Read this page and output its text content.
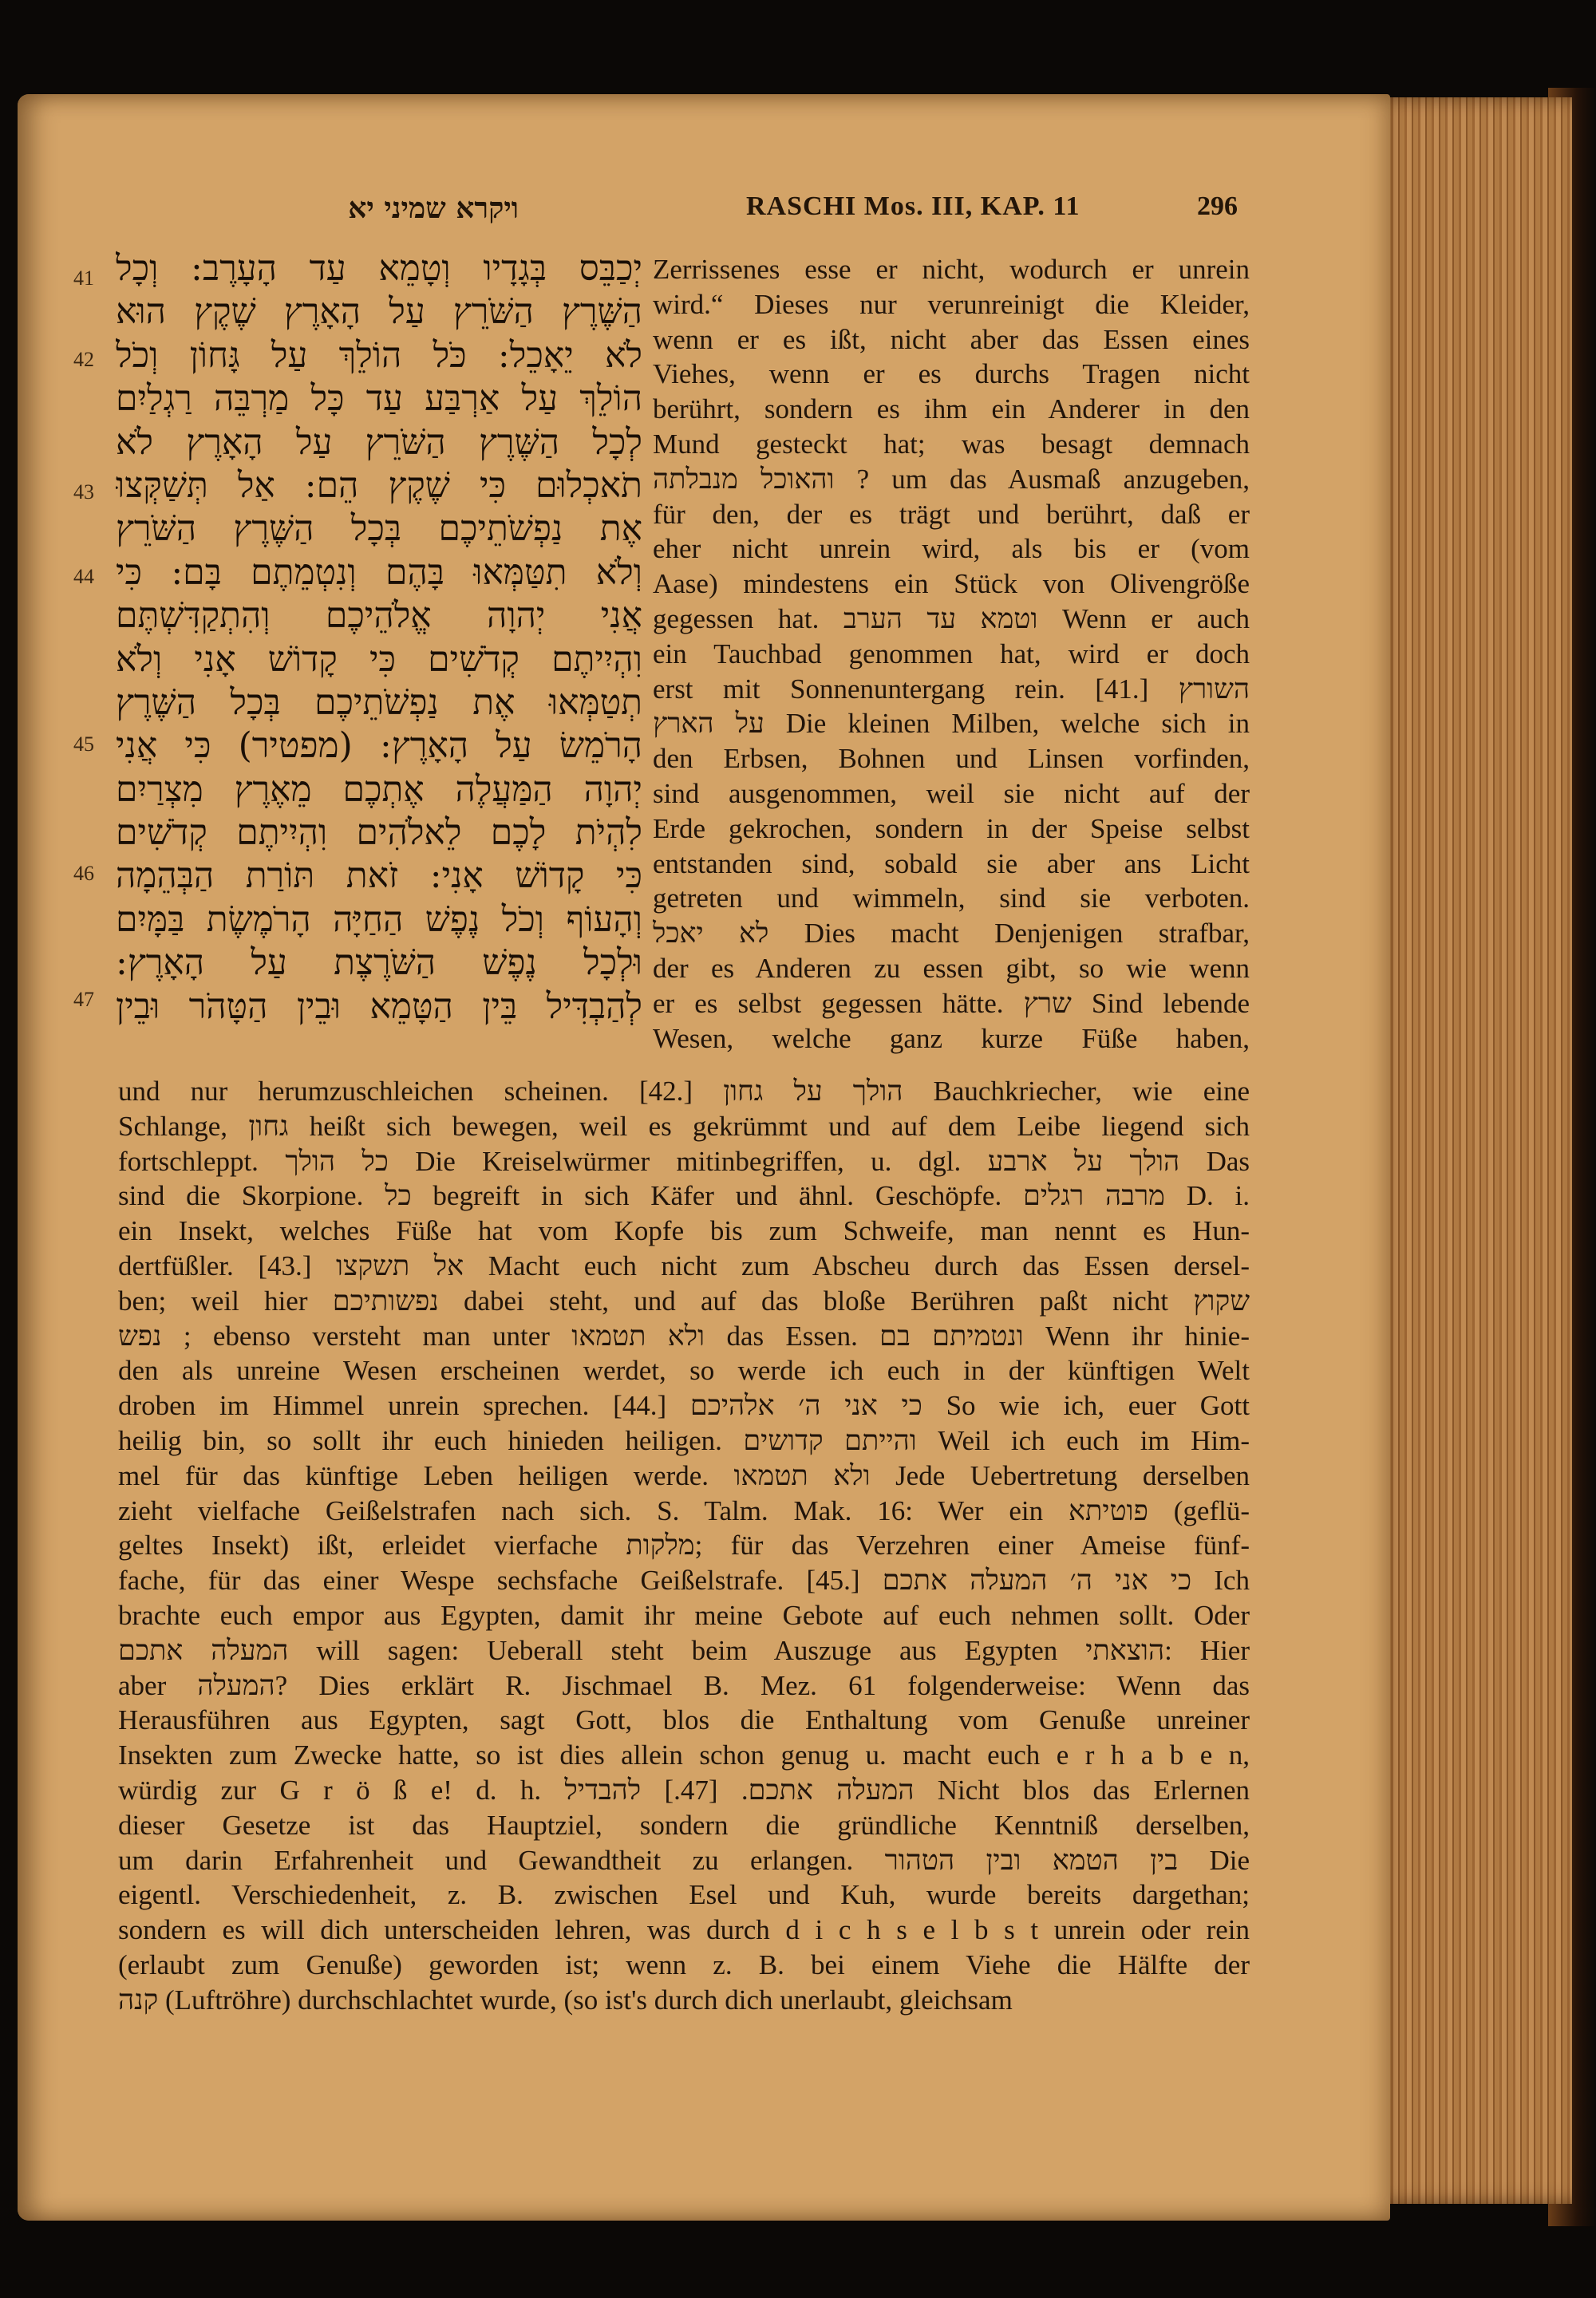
ויקרא שמיני יא	RASCHI Mos. III, KAP. 11	296
41
42
43
44
45
46
47
יְכַבֵּס בְּגָדָיו וְטָמֵא עַד הָעָרֶב: וְכָל
הַשֶּׁרֶץ הַשֹּׁרֵץ עַל הָאָרֶץ שֶׁקֶץ הוּא
לֹא יֵאָכֵל: כֹּל הוֹלֵךְ עַל גָּחוֹן וְכֹל
הוֹלֵךְ עַל אַרְבַּע עַד כָּל מַרְבֵּה רַגְלַיִם
לְכָל הַשֶּׁרֶץ הַשֹּׁרֵץ עַל הָאָרֶץ לֹא
תֹאכְלוּם כִּי שֶׁקֶץ הֵם: אַל תְּשַׁקְּצוּ
אֶת נַפְשֹׁתֵיכֶם בְּכָל הַשֶּׁרֶץ הַשֹּׁרֵץ
וְלֹא תִטַּמְּאוּ בָּהֶם וְנִטְמֵתֶם בָּם: כִּי
אֲנִי יְהוָה אֱלֹהֵיכֶם וְהִתְקַדִּשְׁתֶּם
וִהְיִיתֶם קְדֹשִׁים כִּי קָדוֹשׁ אָנִי וְלֹא
תְטַמְּאוּ אֶת נַפְשֹׁתֵיכֶם בְּכָל הַשֶּׁרֶץ
הָרֹמֵשׂ עַל הָאָרֶץ: (מפטיר) כִּי אֲנִי
יְהוָה הַמַּעֲלֶה אֶתְכֶם מֵאֶרֶץ מִצְרַיִם
לִהְיֹת לָכֶם לֵאלֹהִים וִהְיִיתֶם קְדֹשִׁים
כִּי קָדוֹשׁ אָנִי: זֹאת תּוֹרַת הַבְּהֵמָה
וְהָעוֹף וְכֹל נֶפֶשׁ הַחַיָּה הָרֹמֶשֶׂת בַּמָּיִם
וּלְכָל נֶפֶשׁ הַשֹּׁרֶצֶת עַל הָאָרֶץ:
לְהַבְדִּיל בֵּין הַטָּמֵא וּבֵין הַטָּהֹר וּבֵין
Zerrissenes esse er nicht, wodurch er unrein
wird.“ Dieses nur verunreinigt die Kleider,
wenn er es ißt, nicht aber das Essen eines
Viehes, wenn er es durchs Tragen nicht
berührt, sondern es ihm ein Anderer in den
Mund gesteckt hat; was besagt demnach
והאוכל מנבלתה ? um das Ausmaß anzugeben,
für den, der es trägt und berührt, daß er
eher nicht unrein wird, als bis er (vom
Aase) mindestens ein Stück von Olivengröße
gegessen hat. וטמא עד הערב Wenn er auch
ein Tauchbad genommen hat, wird er doch
erst mit Sonnenuntergang rein. [41.] השורץ
על הארץ Die kleinen Milben, welche sich in
den Erbsen, Bohnen und Linsen vorfinden,
sind ausgenommen, weil sie nicht auf der
Erde gekrochen, sondern in der Speise selbst
entstanden sind, sobald sie aber ans Licht
getreten und wimmeln, sind sie verboten.
לא יאכל Dies macht Denjenigen strafbar,
der es Anderen zu essen gibt, so wie wenn
er es selbst gegessen hätte. שרץ Sind lebende
Wesen, welche ganz kurze Füße haben,
und nur herumzuschleichen scheinen. [42.] הולך על גחון Bauchkriecher, wie eine
Schlange, גחון heißt sich bewegen, weil es gekrümmt und auf dem Leibe liegend sich
fortschleppt. כל הולך Die Kreiselwürmer mitinbegriffen, u. dgl. הולך על ארבע Das
sind die Skorpione. כל begreift in sich Käfer und ähnl. Geschöpfe. מרבה רגלים D. i.
ein Insekt, welches Füße hat vom Kopfe bis zum Schweife, man nennt es Hun-
dertfüßler. [43.] אל תשקצו Macht euch nicht zum Abscheu durch das Essen dersel-
ben; weil hier נפשותיכם dabei steht, und auf das bloße Berühren paßt nicht שקוץ
נפש ; ebenso versteht man unter ולא תטמאו das Essen. ונטמיתם בם Wenn ihr hinie-
den als unreine Wesen erscheinen werdet, so werde ich euch in der künftigen Welt
droben im Himmel unrein sprechen. [44.] כי אני ה׳ אלהיכם So wie ich, euer Gott
heilig bin, so sollt ihr euch hinieden heiligen. והייתם קדושים Weil ich euch im Him-
mel für das künftige Leben heiligen werde. ולא תטמאו Jede Uebertretung derselben
zieht vielfache Geißelstrafen nach sich. S. Talm. Mak. 16: Wer ein פוטיתא (geflü-
geltes Insekt) ißt, erleidet vierfache מלקות; für das Verzehren einer Ameise fünf-
fache, für das einer Wespe sechsfache Geißelstrafe. [45.] כי אני ה׳ המעלה אתכם Ich
brachte euch empor aus Egypten, damit ihr meine Gebote auf euch nehmen sollt. Oder
המעלה אתכם will sagen: Ueberall steht beim Auszuge aus Egypten הוצאתי: Hier
aber המעלה? Dies erklärt R. Jischmael B. Mez. 61 folgenderweise: Wenn das
Herausführen aus Egypten, sagt Gott, blos die Enthaltung vom Genuße unreiner
Insekten zum Zwecke hatte, so ist dies allein schon genug u. macht euch e r h a b e n,
würdig zur G r ö ß e! d. h. המעלה אתכם. [47.] להבדיל Nicht blos das Erlernen
dieser Gesetze ist das Hauptziel, sondern die gründliche Kenntniß derselben,
um darin Erfahrenheit und Gewandtheit zu erlangen. בין הטמא ובין הטהור Die
eigentl. Verschiedenheit, z. B. zwischen Esel und Kuh, wurde bereits dargethan;
sondern es will dich unterscheiden lehren, was durch d i c h s e l b s t unrein oder rein
(erlaubt zum Genuße) geworden ist; wenn z. B. bei einem Viehe die Hälfte der
קנה (Luftröhre) durchschlachtet wurde, (so ist's durch dich unerlaubt, gleichsam
